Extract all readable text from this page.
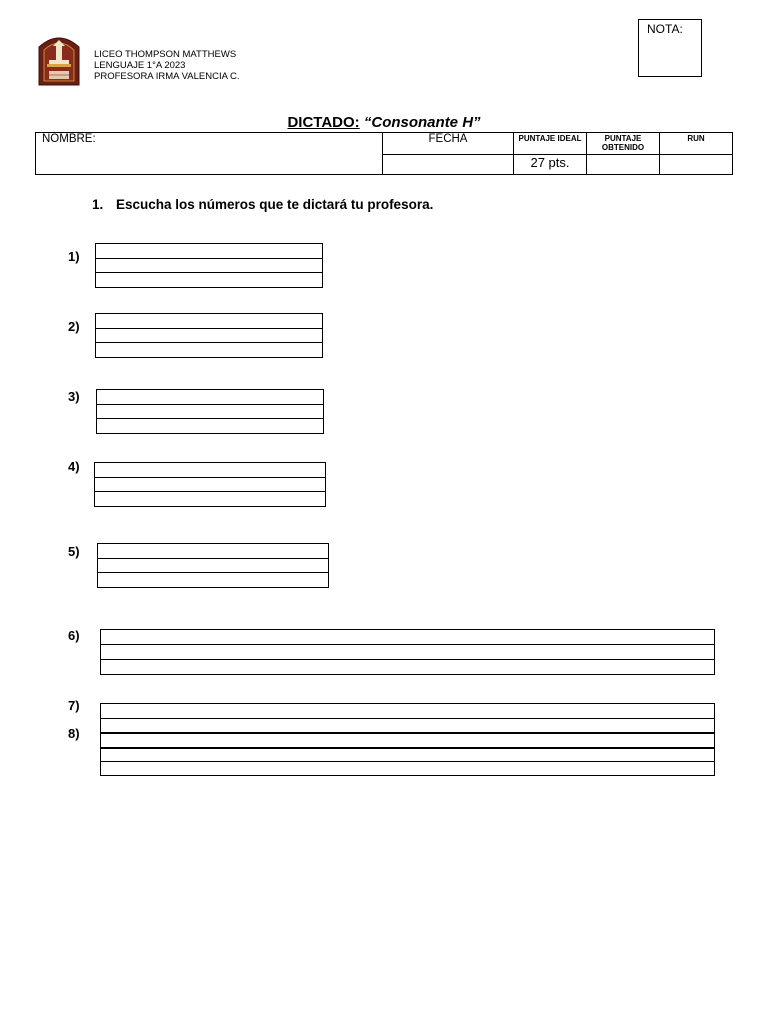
NOTA:
LICEO THOMPSON MATTHEWS
LENGUAJE 1°A 2023
PROFESORA IRMA VALENCIA C.
DICTADO: “Consonante H”
NOMBRE:	FECHA	PUNTAJE IDEAL	PUNTAJE OBTENIDO	RUN
		27 pts.		
1. Escucha los números que te dictará tu profesora.
1)
2)
3)
4)
5)
6)
7)
8)
